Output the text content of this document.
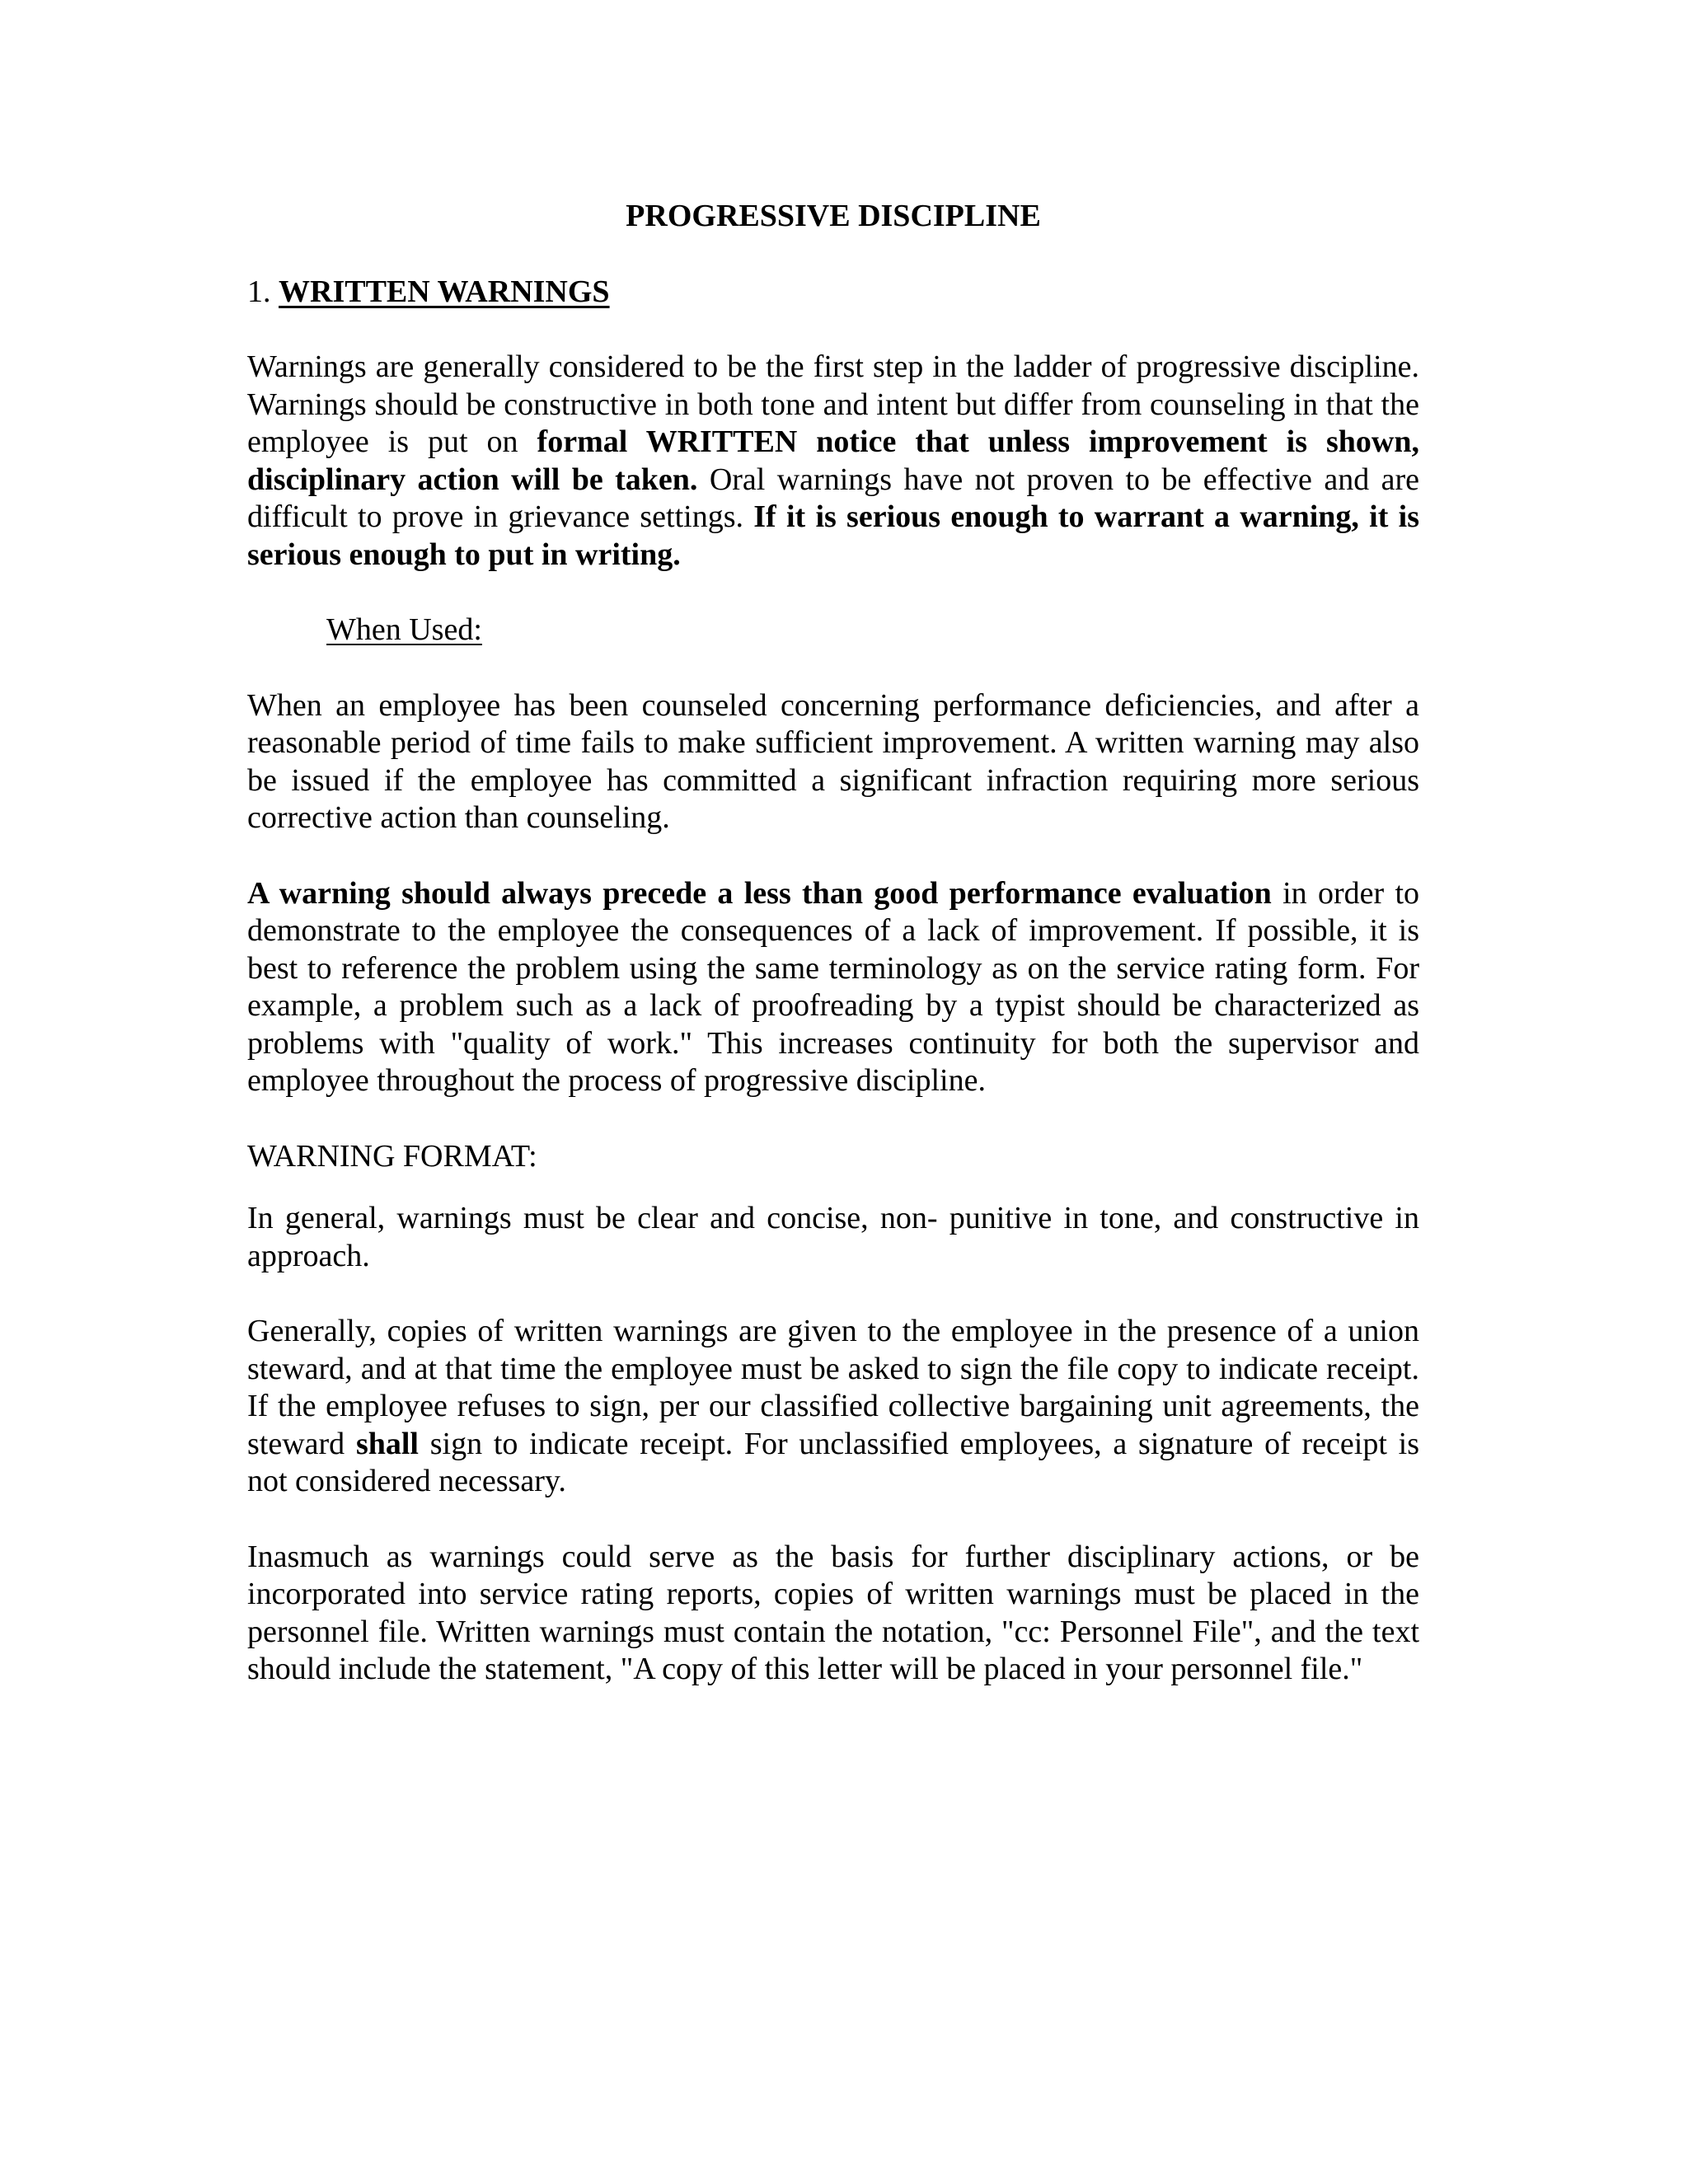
PROGRESSIVE DISCIPLINE
1. WRITTEN WARNINGS

Warnings are generally considered to be the first step in the ladder of progressive discipline. Warnings should be constructive in both tone and intent but differ from counseling in that the employee is put on formal WRITTEN notice that unless improvement is shown, disciplinary action will be taken. Oral warnings have not proven to be effective and are difficult to prove in grievance settings. If it is serious enough to warrant a warning, it is serious enough to put in writing.

When Used:

When an employee has been counseled concerning performance deficiencies, and after a reasonable period of time fails to make sufficient improvement. A written warning may also be issued if the employee has committed a significant infraction requiring more serious corrective action than counseling.

A warning should always precede a less than good performance evaluation in order to demonstrate to the employee the consequences of a lack of improvement. If possible, it is best to reference the problem using the same terminology as on the service rating form. For example, a problem such as a lack of proofreading by a typist should be characterized as problems with "quality of work." This increases continuity for both the supervisor and employee throughout the process of progressive discipline.

WARNING FORMAT:

In general, warnings must be clear and concise, non- punitive in tone, and constructive in approach.

Generally, copies of written warnings are given to the employee in the presence of a union steward, and at that time the employee must be asked to sign the file copy to indicate receipt. If the employee refuses to sign, per our classified collective bargaining unit agreements, the steward shall sign to indicate receipt. For unclassified employees, a signature of receipt is not considered necessary.

Inasmuch as warnings could serve as the basis for further disciplinary actions, or be incorporated into service rating reports, copies of written warnings must be placed in the personnel file. Written warnings must contain the notation, "cc: Personnel File", and the text should include the statement, "A copy of this letter will be placed in your personnel file."
